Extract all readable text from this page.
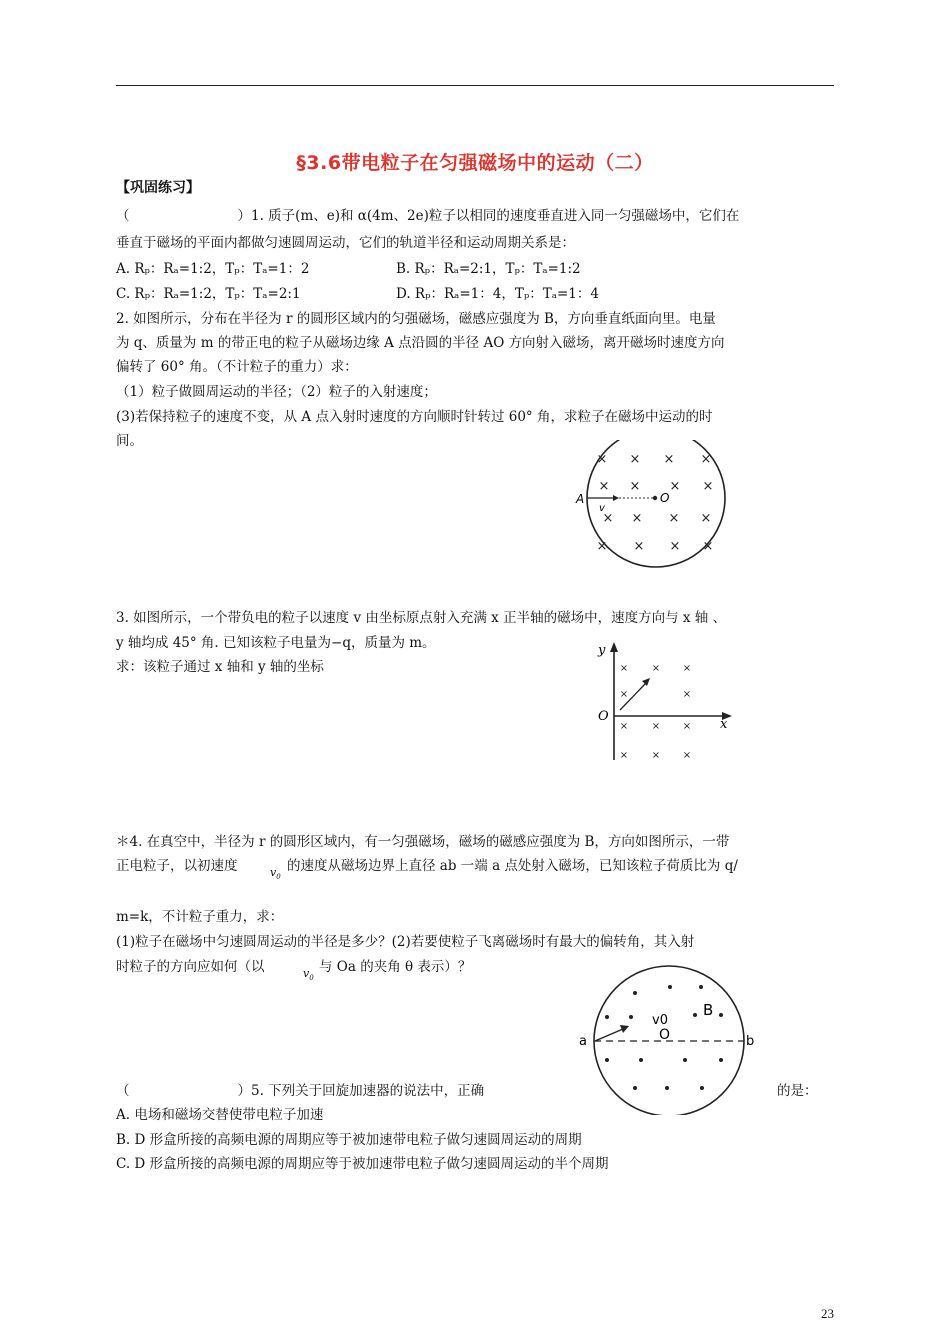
§3.6带电粒子在匀强磁场中的运动（二）
【巩固练习】
（　　　　　　　　）1. 质子(m、e)和 α(4m、2e)粒子以相同的速度垂直进入同一匀强磁场中，它们在
垂直于磁场的平面内都做匀速圆周运动，它们的轨道半径和运动周期关系是：
A. Rₚ：Rₐ=1:2，Tₚ：Tₐ=1：2	B. Rₚ：Rₐ=2:1，Tₚ：Tₐ=1:2
C. Rₚ：Rₐ=1:2，Tₚ：Tₐ=2:1	D. Rₚ：Rₐ=1：4，Tₚ：Tₐ=1：4
2. 如图所示，分布在半径为 r 的圆形区域内的匀强磁场，磁感应强度为 B，方向垂直纸面向里。电量
为 q、质量为 m 的带正电的粒子从磁场边缘 A 点沿圆的半径 AO 方向射入磁场，离开磁场时速度方向
偏转了 60° 角。（不计粒子的重力）求：
（1）粒子做圆周运动的半径；（2）粒子的入射速度；
(3)若保持粒子的速度不变，从 A 点入射时速度的方向顺时针转过 60° 角，求粒子在磁场中运动的时
间。
× × × ×
× × × ×
× × × ×
× × × ×
A	O
v
3. 如图所示，一个带负电的粒子以速度 v 由坐标原点射入充满 x 正半轴的磁场中，速度方向与 x 轴 、
y 轴均成 45° 角. 已知该粒子电量为−q，质量为 m。
求：该粒子通过 x 轴和 y 轴的坐标
y
x
O
× × ×
×	×
× × ×
× × ×
＊4. 在真空中，半径为 r 的圆形区域内，有一匀强磁场，磁场的磁感应强度为 B，方向如图所示，一带
正电粒子，以初速度	$v_0$
的速度从磁场边界上直径 ab 一端 a 点处射入磁场，已知该粒子荷质比为 q/
m=k，不计粒子重力，求：
(1)粒子在磁场中匀速圆周运动的半径是多少？(2)若要使粒子飞离磁场时有最大的偏转角，其入射
时粒子的方向应如何（以	$v_0$
与 Oa 的夹角 θ 表示）？
a	b
B
O
v0
（　　　　　　　　）5. 下列关于回旋加速器的说法中，正确	的是：
A. 电场和磁场交替使带电粒子加速
B. D 形盒所接的高频电源的周期应等于被加速带电粒子做匀速圆周运动的周期
C. D 形盒所接的高频电源的周期应等于被加速带电粒子做匀速圆周运动的半个周期
23
